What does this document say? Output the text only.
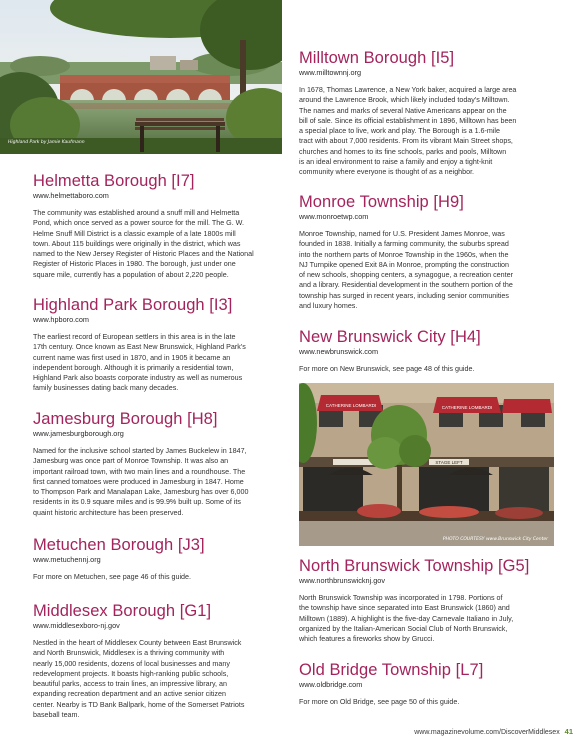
Highland Park by Jamie Kaufmann
Helmetta Borough [I7]
www.helmettaboro.com
The community was established around a snuff mill and Helmetta
Pond, which once served as a power source for the mill. The G. W.
Helme Snuff Mill District is a classic example of a late 1800s mill
town. About 115 buildings were originally in the district, which was
named to the New Jersey Register of Historic Places and the National
Register of Historic Places in 1980. The borough, just under one
square mile, currently has a population of about 2,220 people.
Highland Park Borough [I3]
www.hpboro.com
The earliest record of European settlers in this area is in the late
17th century. Once known as East New Brunswick, Highland Park's
current name was first used in 1870, and in 1905 it became an
independent borough. Although it is primarily a residential town,
Highland Park also boasts corporate industry as well as numerous
family businesses dating back many decades.
Jamesburg Borough [H8]
www.jamesburgborough.org
Named for the inclusive school started by James Buckelew in 1847,
Jamesburg was once part of Monroe Township. It was also an
important railroad town, with two main lines and a roundhouse. The
first canned tomatoes were produced in Jamesburg in 1847. Home
to Thompson Park and Manalapan Lake, Jamesburg has over 6,000
residents in its 0.9 square miles and is 99.9% built up. Some of its
quaint historic architecture has been preserved.
Metuchen Borough [J3]
www.metuchennj.org
For more on Metuchen, see page 46 of this guide.
Middlesex Borough [G1]
www.middlesexboro-nj.gov
Nestled in the heart of Middlesex County between East Brunswick
and North Brunswick, Middlesex is a thriving community with
nearly 15,000 residents, dozens of local businesses and many
redevelopment projects. It boasts high-ranking public schools,
beautiful parks, access to train lines, an impressive library, an
expanding recreation department and an active senior citizen
center. Nearby is TD Bank Ballpark, home of the Somerset Patriots
baseball team.
Milltown Borough [I5]
www.milltownnj.org
In 1678, Thomas Lawrence, a New York baker, acquired a large area
around the Lawrence Brook, which likely included today's Milltown.
The names and marks of several Native Americans appear on the
bill of sale. Since its official establishment in 1896, Milltown has been
a special place to live, work and play. The Borough is a 1.6-mile
tract with about 7,000 residents. From its vibrant Main Street shops,
churches and homes to its fine schools, parks and pools, Milltown
is an ideal environment to raise a family and enjoy a tight-knit
community where everyone is thought of as a neighbor.
Monroe Township [H9]
www.monroetwp.com
Monroe Township, named for U.S. President James Monroe, was
founded in 1838. Initially a farming community, the suburbs spread
into the northern parts of Monroe Township in the 1960s, when the
NJ Turnpike opened Exit 8A in Monroe, prompting the construction
of new schools, shopping centers, a synagogue, a recreation center
and a library. Residential development in the southern portion of the
township has surged in recent years, including senior communities
and luxury homes.
New Brunswick City [H4]
www.newbrunswick.com
For more on New Brunswick, see page 48 of this guide.
North Brunswick Township [G5]
www.northbrunswicknj.gov
North Brunswick Township was incorporated in 1798. Portions of
the township have since separated into East Brunswick (1860) and
Milltown (1889). A highlight is the five-day Carnevale Italiano in July,
organized by the Italian-American Social Club of North Brunswick,
which features a fireworks show by Grucci.
Old Bridge Township [L7]
www.oldbridge.com
For more on Old Bridge, see page 50 of this guide.
CATHERINE LOMBARDI	CATHERINE LOMBARDI
STAGE LEFT
PHOTO COURTESY www.Brunswick City Center
www.magazinevolume.com/DiscoverMiddlesex 41
